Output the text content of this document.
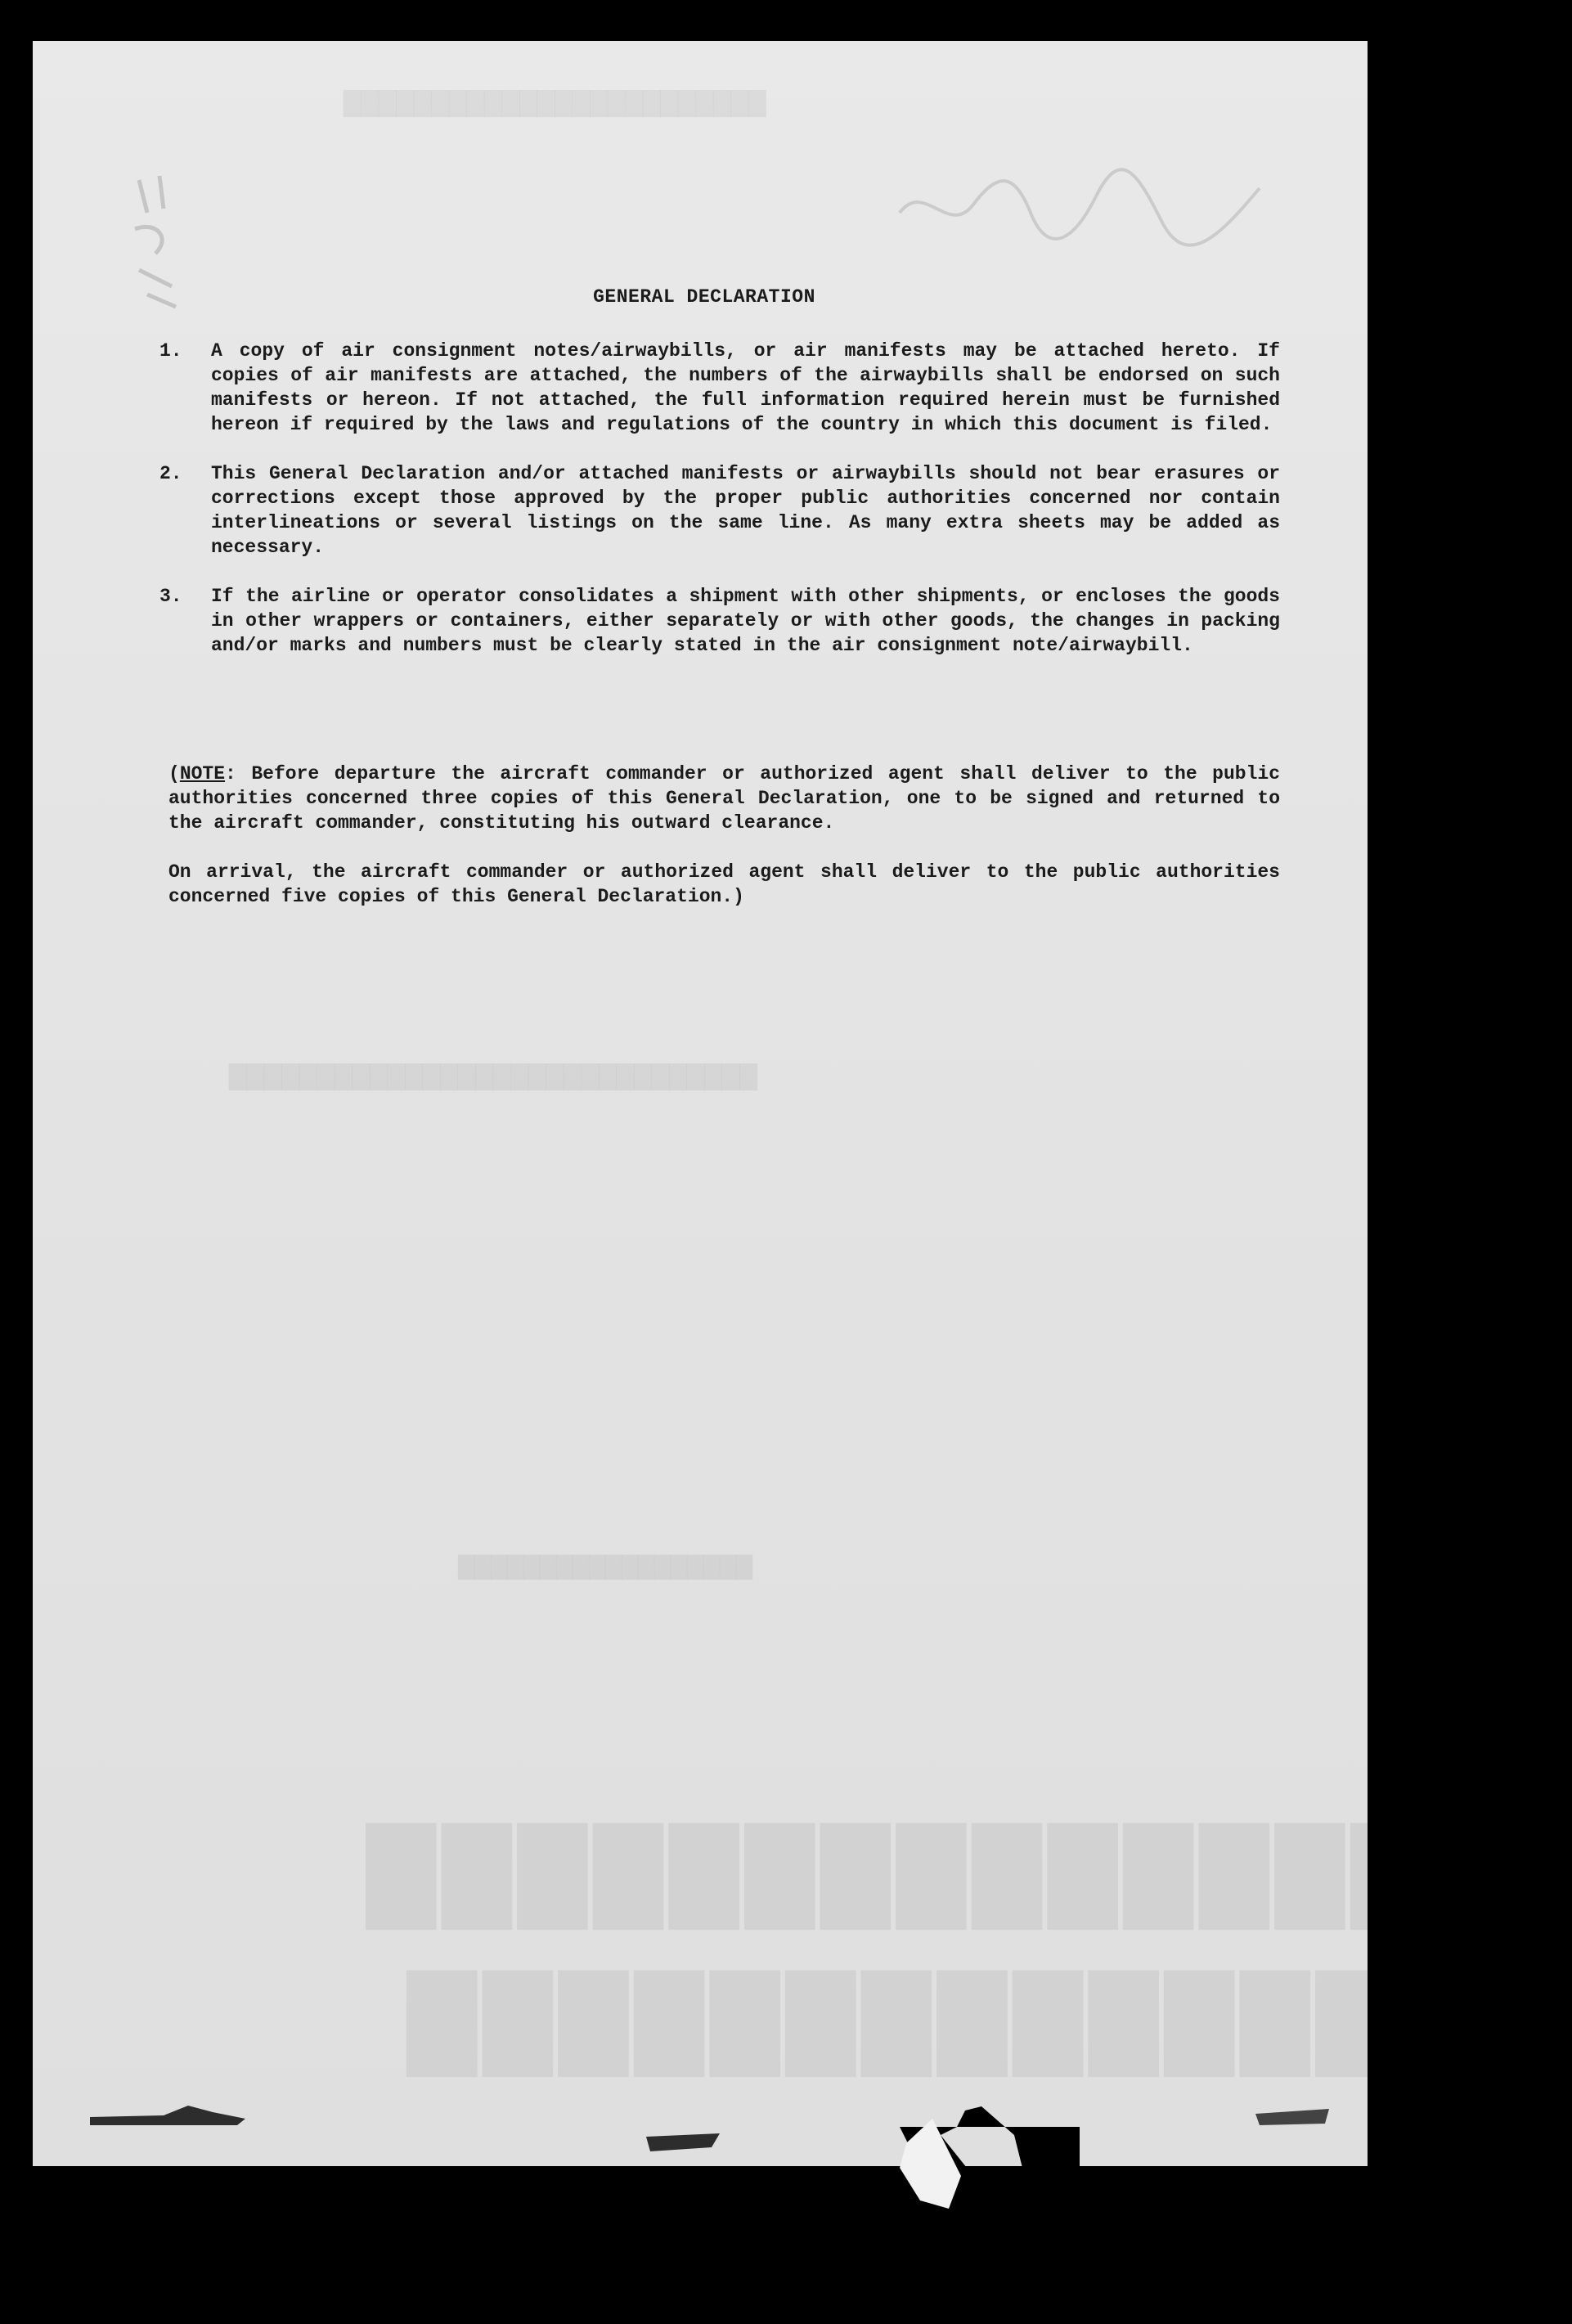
████████████████
█████████████
████████████████████████
██████████████████████████████
██████████████████
GENERAL DECLARATION
1.	A copy of air consignment notes/airwaybills, or air manifests may be attached hereto. If copies of air manifests are attached, the numbers of the airwaybills shall be endorsed on such manifests or hereon. If not attached, the full information required herein must be furnished hereon if required by the laws and regulations of the country in which this document is filed.
2.	This General Declaration and/or attached manifests or airwaybills should not bear erasures or corrections except those approved by the proper public authorities concerned nor contain interlineations or several listings on the same line. As many extra sheets may be added as necessary.
3.	If the airline or operator consolidates a shipment with other shipments, or encloses the goods in other wrappers or containers, either separately or with other goods, the changes in packing and/or marks and numbers must be clearly stated in the air consignment note/airwaybill.

(NOTE: Before departure the aircraft commander or authorized agent shall deliver to the public authorities concerned three copies of this General Declaration, one to be signed and returned to the aircraft commander, constituting his outward clearance.

On arrival, the aircraft commander or authorized agent shall deliver to the public authorities concerned five copies of this General Declaration.)
